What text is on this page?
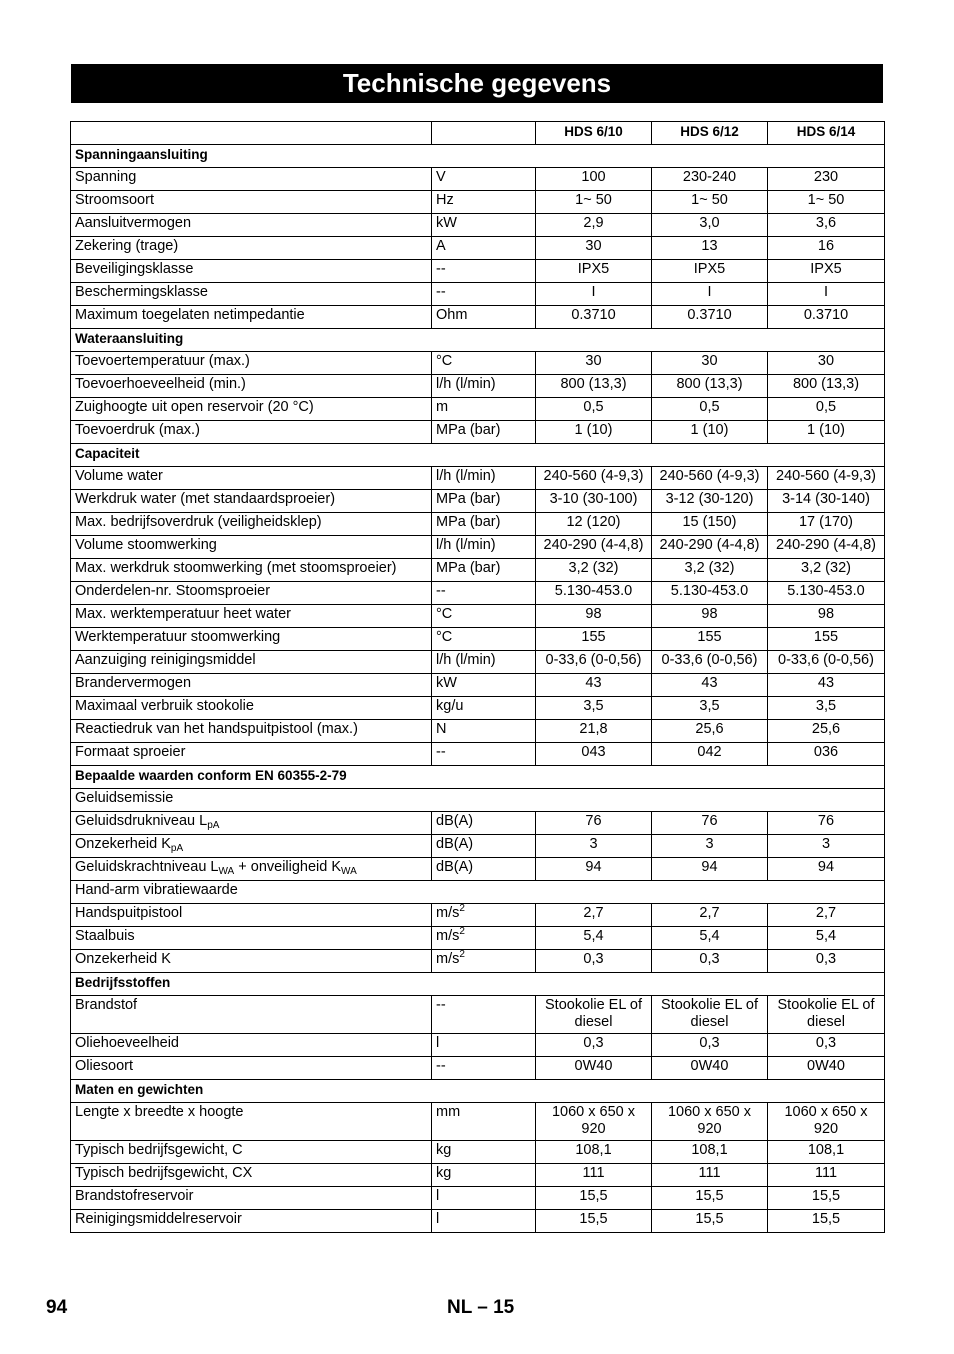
Technische gegevens
		HDS 6/10	HDS 6/12	HDS 6/14
Spanningaansluiting				
Spanning	V	100	230-240	230
Stroomsoort	Hz	1~ 50	1~ 50	1~ 50
Aansluitvermogen	kW	2,9	3,0	3,6
Zekering (trage)	A	30	13	16
Beveiligingsklasse	--	IPX5	IPX5	IPX5
Beschermingsklasse	--	I	I	I
Maximum toegelaten netimpedantie	Ohm	0.3710	0.3710	0.3710
Wateraansluiting				
Toevoertemperatuur (max.)	°C	30	30	30
Toevoerhoeveelheid (min.)	l/h (l/min)	800 (13,3)	800 (13,3)	800 (13,3)
Zuighoogte uit open reservoir (20 °C)	m	0,5	0,5	0,5
Toevoerdruk (max.)	MPa (bar)	1 (10)	1 (10)	1 (10)
Capaciteit				
Volume water	l/h (l/min)	240-560 (4-9,3)	240-560 (4-9,3)	240-560 (4-9,3)
Werkdruk water (met standaardsproeier)	MPa (bar)	3-10 (30-100)	3-12 (30-120)	3-14 (30-140)
Max. bedrijfsoverdruk (veiligheidsklep)	MPa (bar)	12 (120)	15 (150)	17 (170)
Volume stoomwerking	l/h (l/min)	240-290 (4-4,8)	240-290 (4-4,8)	240-290 (4-4,8)
Max. werkdruk stoomwerking (met stoomsproeier)	MPa (bar)	3,2 (32)	3,2 (32)	3,2 (32)
Onderdelen-nr. Stoomsproeier	--	5.130-453.0	5.130-453.0	5.130-453.0
Max. werktemperatuur heet water	°C	98	98	98
Werktemperatuur stoomwerking	°C	155	155	155
Aanzuiging reinigingsmiddel	l/h (l/min)	0-33,6 (0-0,56)	0-33,6 (0-0,56)	0-33,6 (0-0,56)
Brandervermogen	kW	43	43	43
Maximaal verbruik stookolie	kg/u	3,5	3,5	3,5
Reactiedruk van het handspuitpistool (max.)	N	21,8	25,6	25,6
Formaat sproeier	--	043	042	036
Bepaalde waarden conform EN 60355-2-79				
Geluidsemissie				
Geluidsdrukniveau $L_{pA}$	dB(A)	76	76	76
Onzekerheid $K_{pA}$	dB(A)	3	3	3
Geluidskrachtniveau $L_{WA}$ + onveiligheid $K_{WA}$	dB(A)	94	94	94
Hand-arm vibratiewaarde				
Handspuitpistool	$m/s^2$	2,7	2,7	2,7
Staalbuis	$m/s^2$	5,4	5,4	5,4
Onzekerheid K	$m/s^2$	0,3	0,3	0,3
Bedrijfsstoffen				
Brandstof	--	Stookolie EL of diesel	Stookolie EL of diesel	Stookolie EL of diesel
Oliehoeveelheid	l	0,3	0,3	0,3
Oliesoort	--	0W40	0W40	0W40
Maten en gewichten				
Lengte x breedte x hoogte	mm	1060 x 650 x 920	1060 x 650 x 920	1060 x 650 x 920
Typisch bedrijfsgewicht, C	kg	108,1	108,1	108,1
Typisch bedrijfsgewicht, CX	kg	111	111	111
Brandstofreservoir	l	15,5	15,5	15,5
Reinigingsmiddelreservoir	l	15,5	15,5	15,5
94	NL – 15
